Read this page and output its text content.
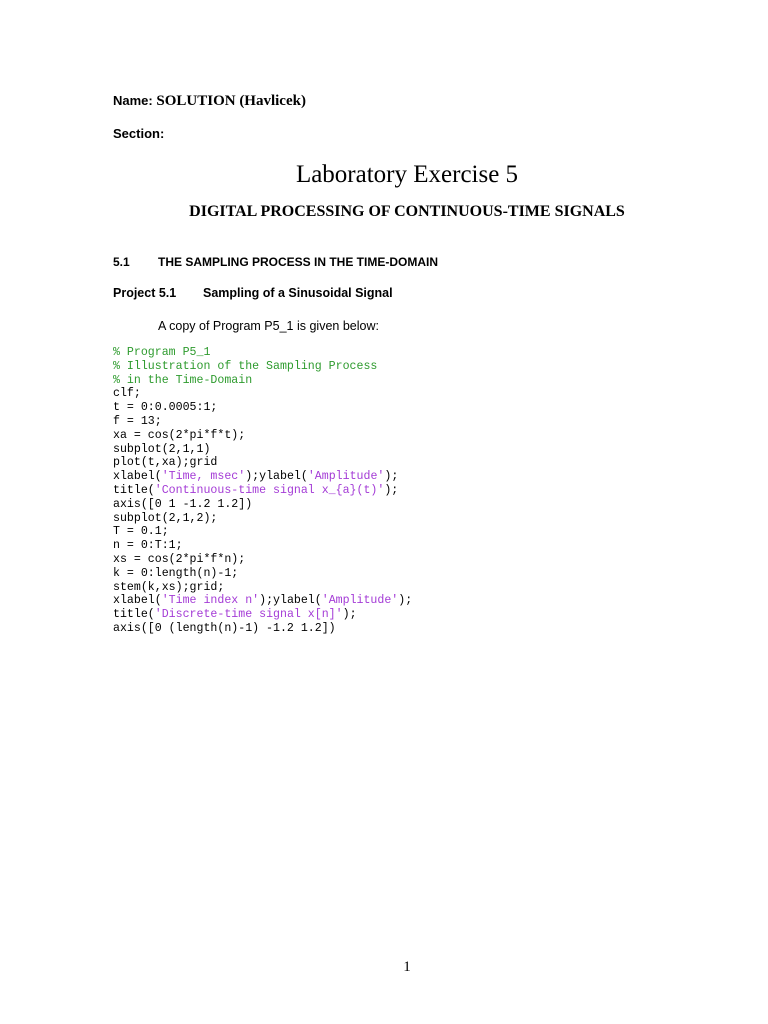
Name: SOLUTION (Havlicek)
Section:
Laboratory Exercise 5
DIGITAL PROCESSING OF CONTINUOUS-TIME SIGNALS
5.1 THE SAMPLING PROCESS IN THE TIME-DOMAIN
Project 5.1 Sampling of a Sinusoidal Signal
A copy of Program P5_1 is given below:
% Program P5_1
% Illustration of the Sampling Process
% in the Time-Domain
clf;
t = 0:0.0005:1;
f = 13;
xa = cos(2*pi*f*t);
subplot(2,1,1)
plot(t,xa);grid
xlabel('Time, msec');ylabel('Amplitude');
title('Continuous-time signal x_{a}(t)');
axis([0 1 -1.2 1.2])
subplot(2,1,2);
T = 0.1;
n = 0:T:1;
xs = cos(2*pi*f*n);
k = 0:length(n)-1;
stem(k,xs);grid;
xlabel('Time index n');ylabel('Amplitude');
title('Discrete-time signal x[n]');
axis([0 (length(n)-1) -1.2 1.2])
1
